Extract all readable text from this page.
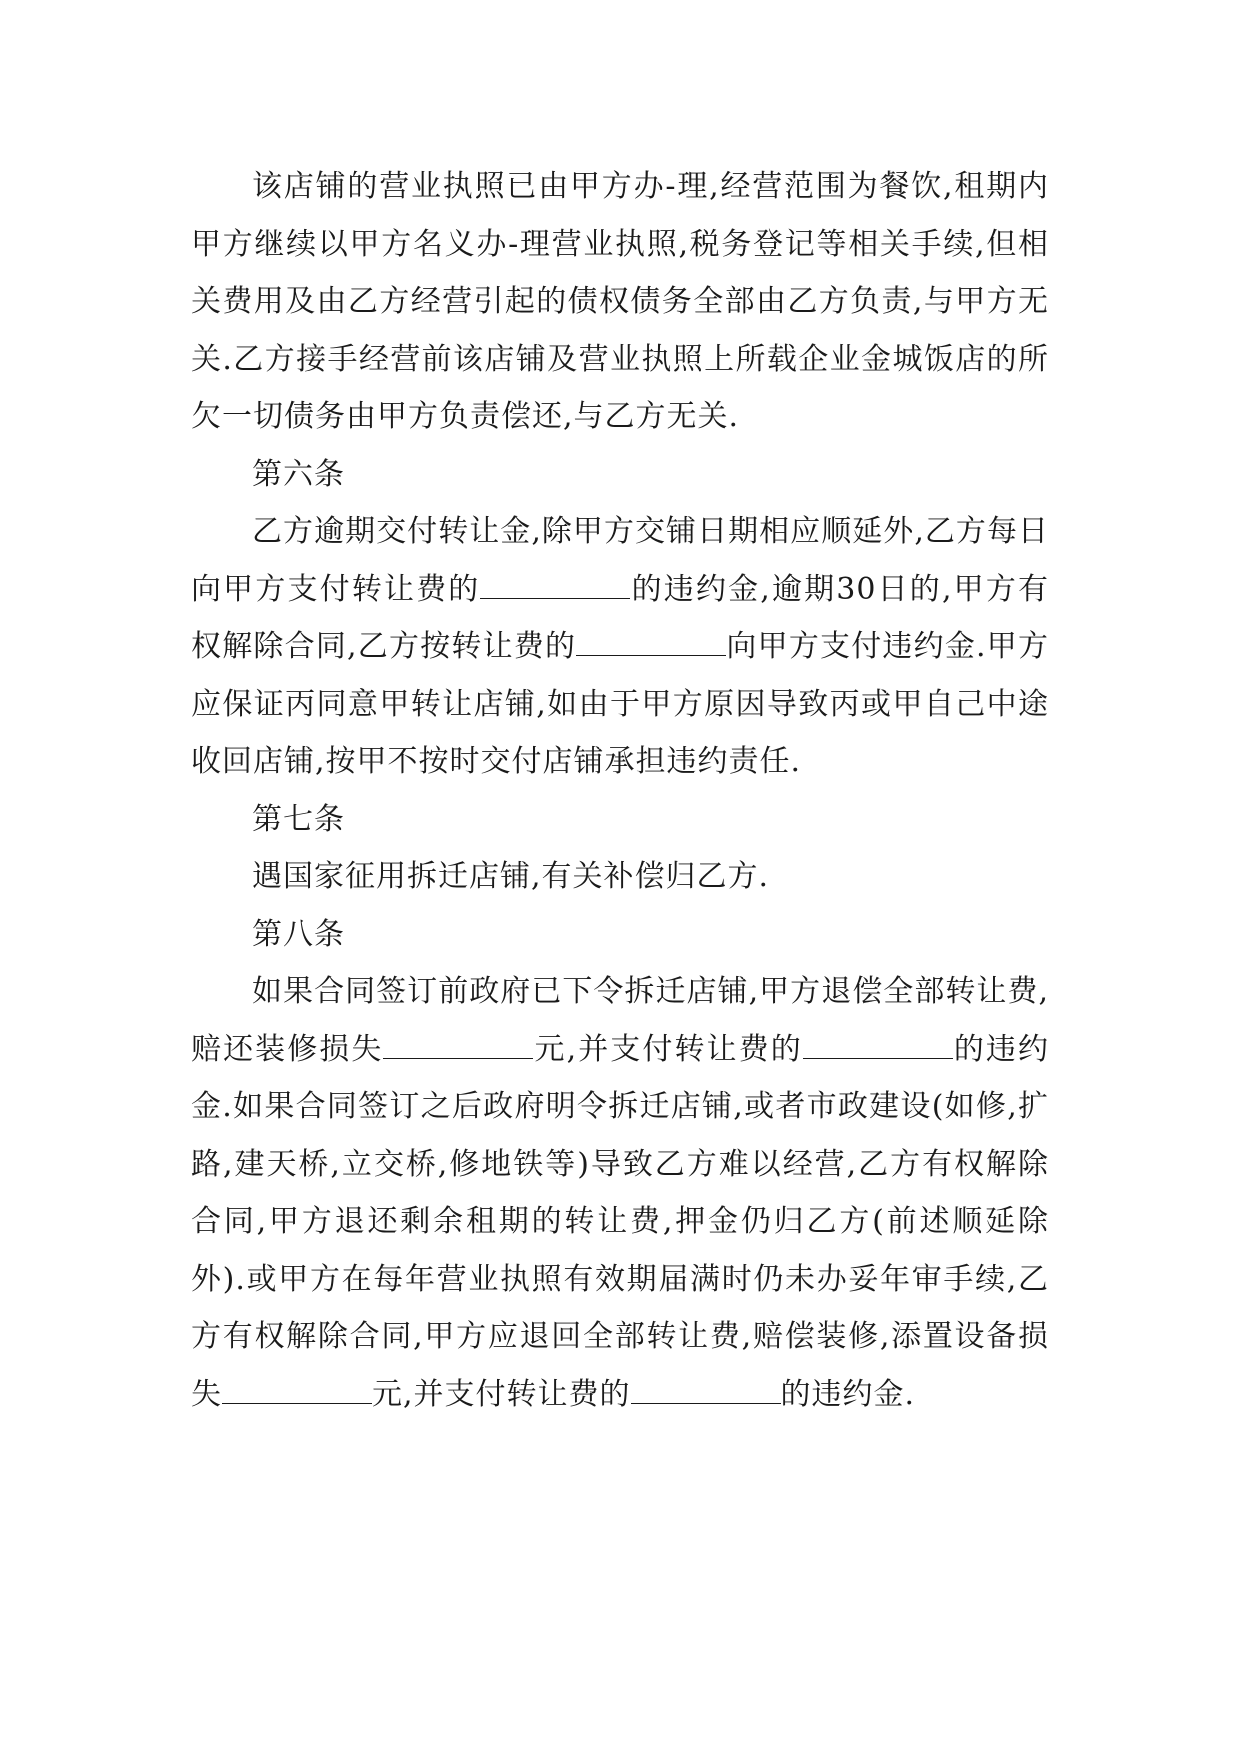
该店铺的营业执照已由甲方办-理,经营范围为餐饮,租期内甲方继续以甲方名义办-理营业执照,税务登记等相关手续,但相关费用及由乙方经营引起的债权债务全部由乙方负责,与甲方无关.乙方接手经营前该店铺及营业执照上所载企业金城饭店的所欠一切债务由甲方负责偿还,与乙方无关.

第六条

乙方逾期交付转让金,除甲方交铺日期相应顺延外,乙方每日向甲方支付转让费的	的违约金,逾期30日的,甲方有权解除合同,乙方按转让费的	向甲方支付违约金.甲方应保证丙同意甲转让店铺,如由于甲方原因导致丙或甲自己中途收回店铺,按甲不按时交付店铺承担违约责任.

第七条

遇国家征用拆迁店铺,有关补偿归乙方.

第八条

如果合同签订前政府已下令拆迁店铺,甲方退偿全部转让费,赔还装修损失	元,并支付转让费的	的违约金.如果合同签订之后政府明令拆迁店铺,或者市政建设(如修,扩路,建天桥,立交桥,修地铁等)导致乙方难以经营,乙方有权解除合同,甲方退还剩余租期的转让费,押金仍归乙方(前述顺延除外).或甲方在每年营业执照有效期届满时仍未办妥年审手续,乙方有权解除合同,甲方应退回全部转让费,赔偿装修,添置设备损失	元,并支付转让费的	的违约金.
